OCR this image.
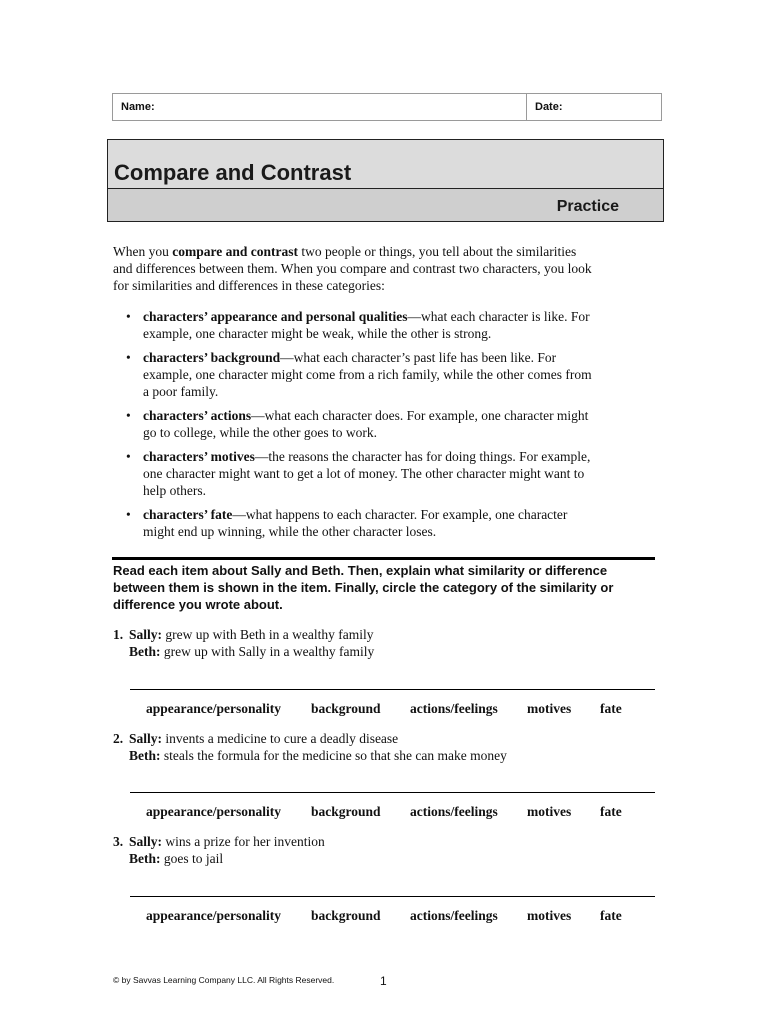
Name:	Date:
Compare and Contrast
Practice
When you compare and contrast two people or things, you tell about the similarities and differences between them. When you compare and contrast two characters, you look for similarities and differences in these categories:
• characters’ appearance and personal qualities—what each character is like. For example, one character might be weak, while the other is strong.
• characters’ background—what each character’s past life has been like. For example, one character might come from a rich family, while the other comes from a poor family.
• characters’ actions—what each character does. For example, one character might go to college, while the other goes to work.
• characters’ motives—the reasons the character has for doing things. For example, one character might want to get a lot of money. The other character might want to help others.
• characters’ fate—what happens to each character. For example, one character might end up winning, while the other character loses.
Read each item about Sally and Beth. Then, explain what similarity or difference between them is shown in the item. Finally, circle the category of the similarity or difference you wrote about.
1. Sally: grew up with Beth in a wealthy family
Beth: grew up with Sally in a wealthy family
appearance/personality background actions/feelings motives fate
2. Sally: invents a medicine to cure a deadly disease
Beth: steals the formula for the medicine so that she can make money
appearance/personality background actions/feelings motives fate
3. Sally: wins a prize for her invention
Beth: goes to jail
appearance/personality background actions/feelings motives fate
© by Savvas Learning Company LLC. All Rights Reserved.	1
